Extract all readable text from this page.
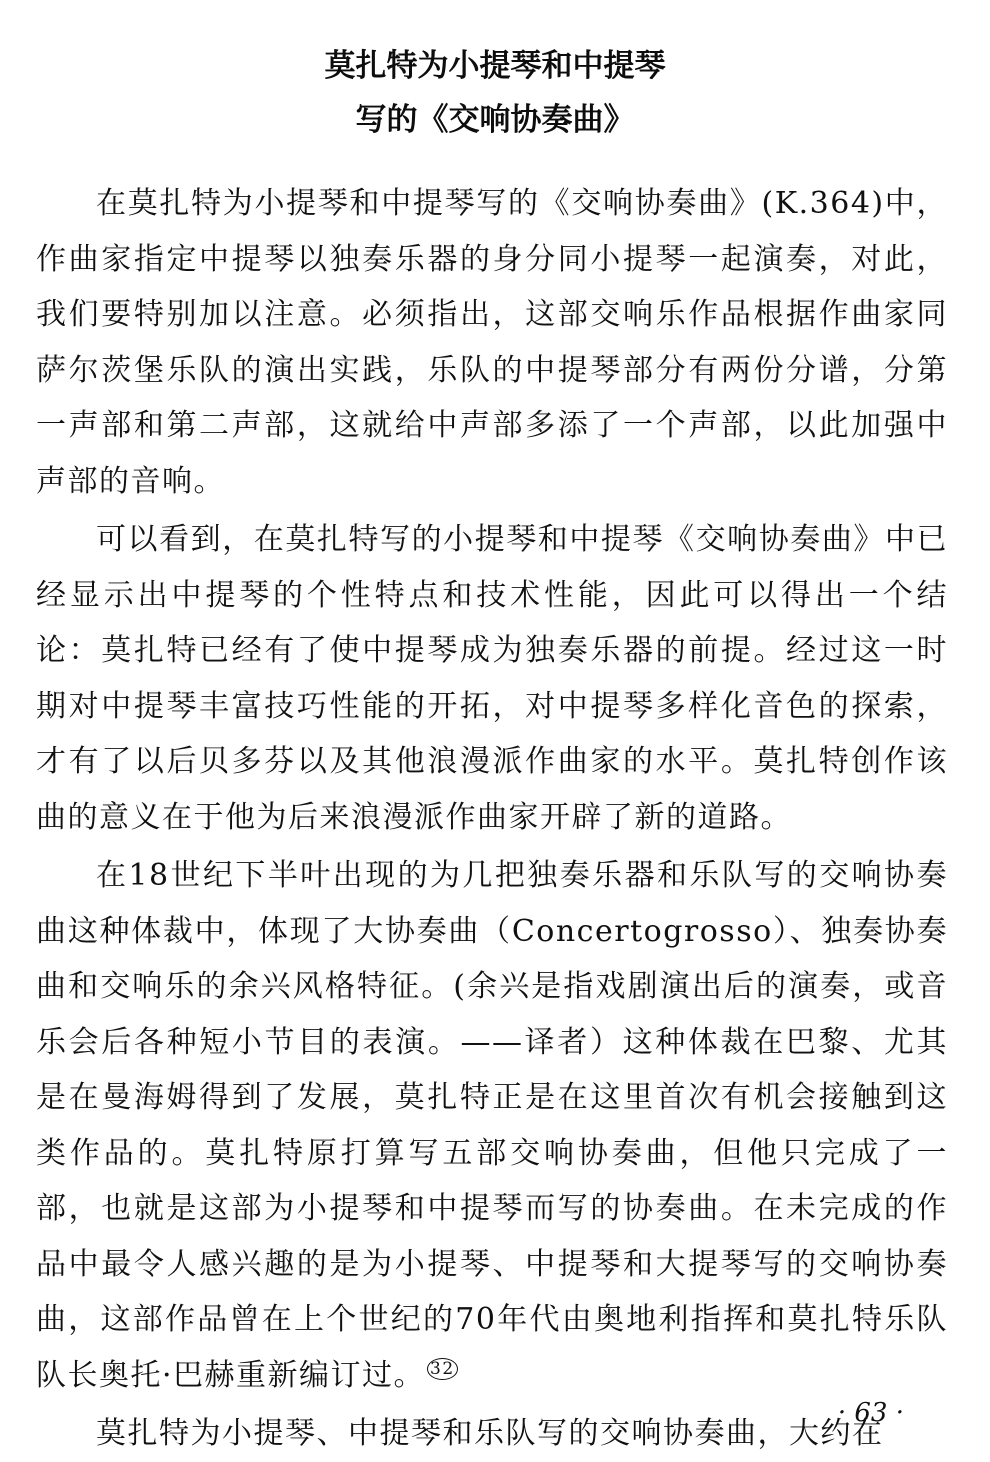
莫扎特为小提琴和中提琴
写的《交响协奏曲》

在莫扎特为小提琴和中提琴写的《交响协奏曲》(K.364)中，作曲家指定中提琴以独奏乐器的身分同小提琴一起演奏，对此，我们要特别加以注意。必须指出，这部交响乐作品根据作曲家同萨尔茨堡乐队的演出实践，乐队的中提琴部分有两份分谱，分第一声部和第二声部，这就给中声部多添了一个声部，以此加强中声部的音响。

可以看到，在莫扎特写的小提琴和中提琴《交响协奏曲》中已经显示出中提琴的个性特点和技术性能，因此可以得出一个结论：莫扎特已经有了使中提琴成为独奏乐器的前提。经过这一时期对中提琴丰富技巧性能的开拓，对中提琴多样化音色的探索，才有了以后贝多芬以及其他浪漫派作曲家的水平。莫扎特创作该曲的意义在于他为后来浪漫派作曲家开辟了新的道路。

在18世纪下半叶出现的为几把独奏乐器和乐队写的交响协奏曲这种体裁中，体现了大协奏曲（Concertogrosso）、独奏协奏曲和交响乐的余兴风格特征。(余兴是指戏剧演出后的演奏，或音乐会后各种短小节目的表演。——译者）这种体裁在巴黎、尤其是在曼海姆得到了发展，莫扎特正是在这里首次有机会接触到这类作品的。莫扎特原打算写五部交响协奏曲，但他只完成了一部，也就是这部为小提琴和中提琴而写的协奏曲。在未完成的作品中最令人感兴趣的是为小提琴、中提琴和大提琴写的交响协奏曲，这部作品曾在上个世纪的70年代由奥地利指挥和莫扎特乐队队长奥托·巴赫重新编订过。 $^{32}$

莫扎特为小提琴、中提琴和乐队写的交响协奏曲，大约在

· 63 ·
